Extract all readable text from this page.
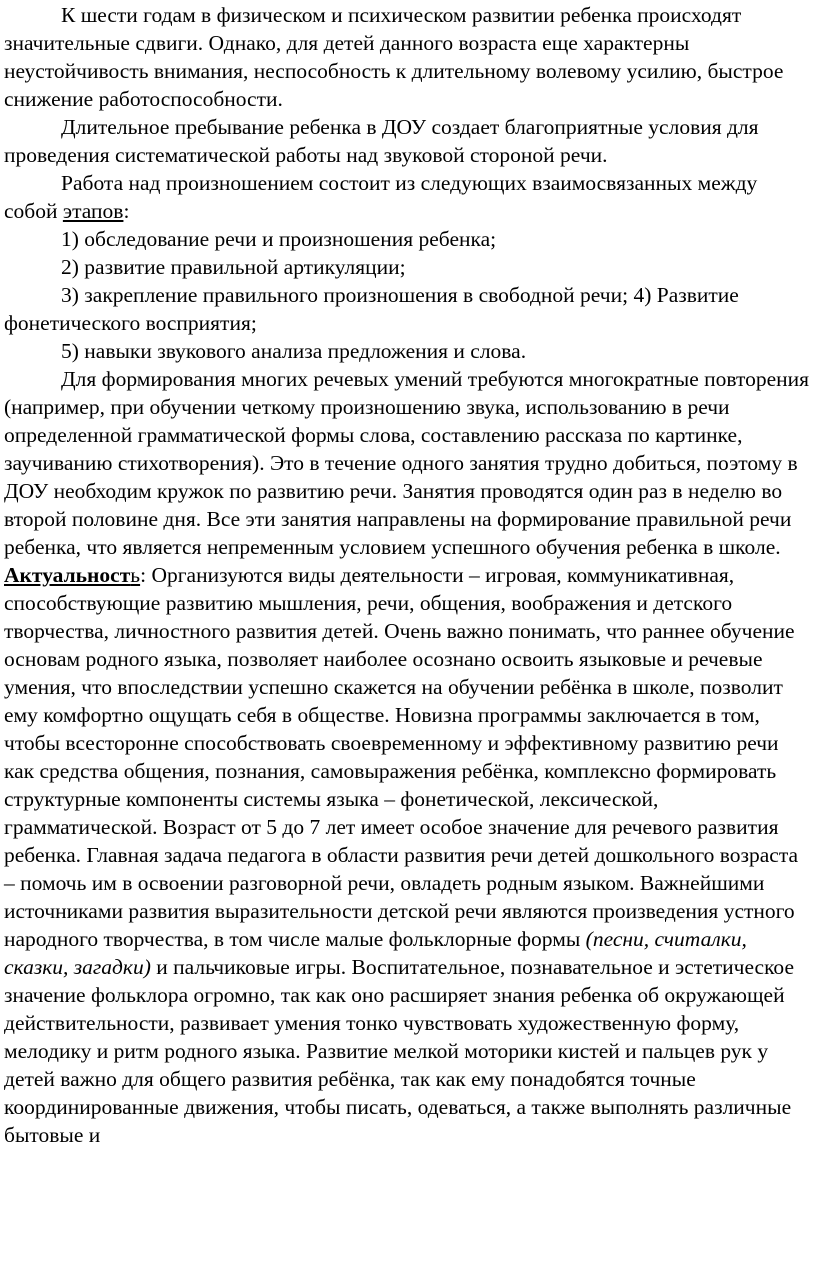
К шести годам в физическом и психическом развитии ребенка происходят значительные сдвиги. Однако, для детей данного возраста еще характерны неустойчивость внимания, неспособность к длительному волевому усилию, быстрое снижение работоспособности.

Длительное пребывание ребенка в ДОУ создает благоприятные условия для проведения систематической работы над звуковой стороной речи.

Работа над произношением состоит из следующих взаимосвязанных между собой этапов:

1) обследование речи и произношения ребенка;

2) развитие правильной артикуляции;

3) закрепление правильного произношения в свободной речи; 4) Развитие фонетического восприятия;

5) навыки звукового анализа предложения и слова.

Для формирования многих речевых умений требуются многократные повторения (например, при обучении четкому произношению звука, использованию в речи определенной грамматической формы слова, составлению рассказа по картинке, заучиванию стихотворения). Это в течение одного занятия трудно добиться, поэтому в ДОУ необходим кружок по развитию речи. Занятия проводятся один раз в неделю во второй половине дня. Все эти занятия направлены на формирование правильной речи ребенка, что является непременным условием успешного обучения ребенка в школе.

Актуальность: Организуются виды деятельности – игровая, коммуникативная, способствующие развитию мышления, речи, общения, воображения и детского творчества, личностного развития детей. Очень важно понимать, что раннее обучение основам родного языка, позволяет наиболее осознано освоить языковые и речевые умения, что впоследствии успешно скажется на обучении ребёнка в школе, позволит ему комфортно ощущать себя в обществе. Новизна программы заключается в том, чтобы всесторонне способствовать своевременному и эффективному развитию речи как средства общения, познания, самовыражения ребёнка, комплексно формировать структурные компоненты системы языка – фонетической, лексической, грамматической. Возраст от 5 до 7 лет имеет особое значение для речевого развития ребенка. Главная задача педагога в области развития речи детей дошкольного возраста – помочь им в освоении разговорной речи, овладеть родным языком. Важнейшими источниками развития выразительности детской речи являются произведения устного народного творчества, в том числе малые фольклорные формы (песни, считалки, сказки, загадки) и пальчиковые игры. Воспитательное, познавательное и эстетическое значение фольклора огромно, так как оно расширяет знания ребенка об окружающей действительности, развивает умения тонко чувствовать художественную форму, мелодику и ритм родного языка. Развитие мелкой моторики кистей и пальцев рук у детей важно для общего развития ребёнка, так как ему понадобятся точные координированные движения, чтобы писать, одеваться, а также выполнять различные бытовые и
